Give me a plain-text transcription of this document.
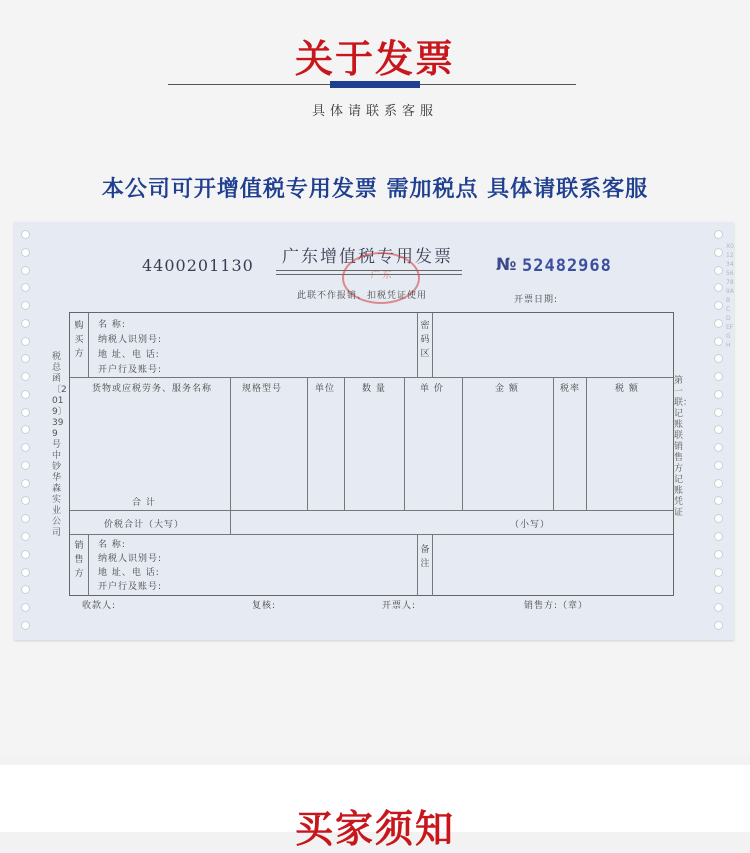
关于发票
具体请联系客服
本公司可开增值税专用发票 需加税点 具体请联系客服
X0123456789ABCDEFGH
4400201130 广东增值税专用发票
广 东
№ 52482968
此联不作报销、扣税凭证使用	开票日期:
税总函〔2019〕399号中钞华森实业公司
第一联：记账联 销售方记账凭证
购买方
名 称:
纳税人识别号:
地 址、电 话:
开户行及账号:
密码区
货物或应税劳务、服务名称	规格型号	单位	数 量	单 价	金 额	税率	税 额
合 计
价税合计（大写）	（小写）
销售方
名 称:
纳税人识别号:
地 址、电 话:
开户行及账号:
备注
收款人:	复核:	开票人:	销售方:（章）
买家须知
